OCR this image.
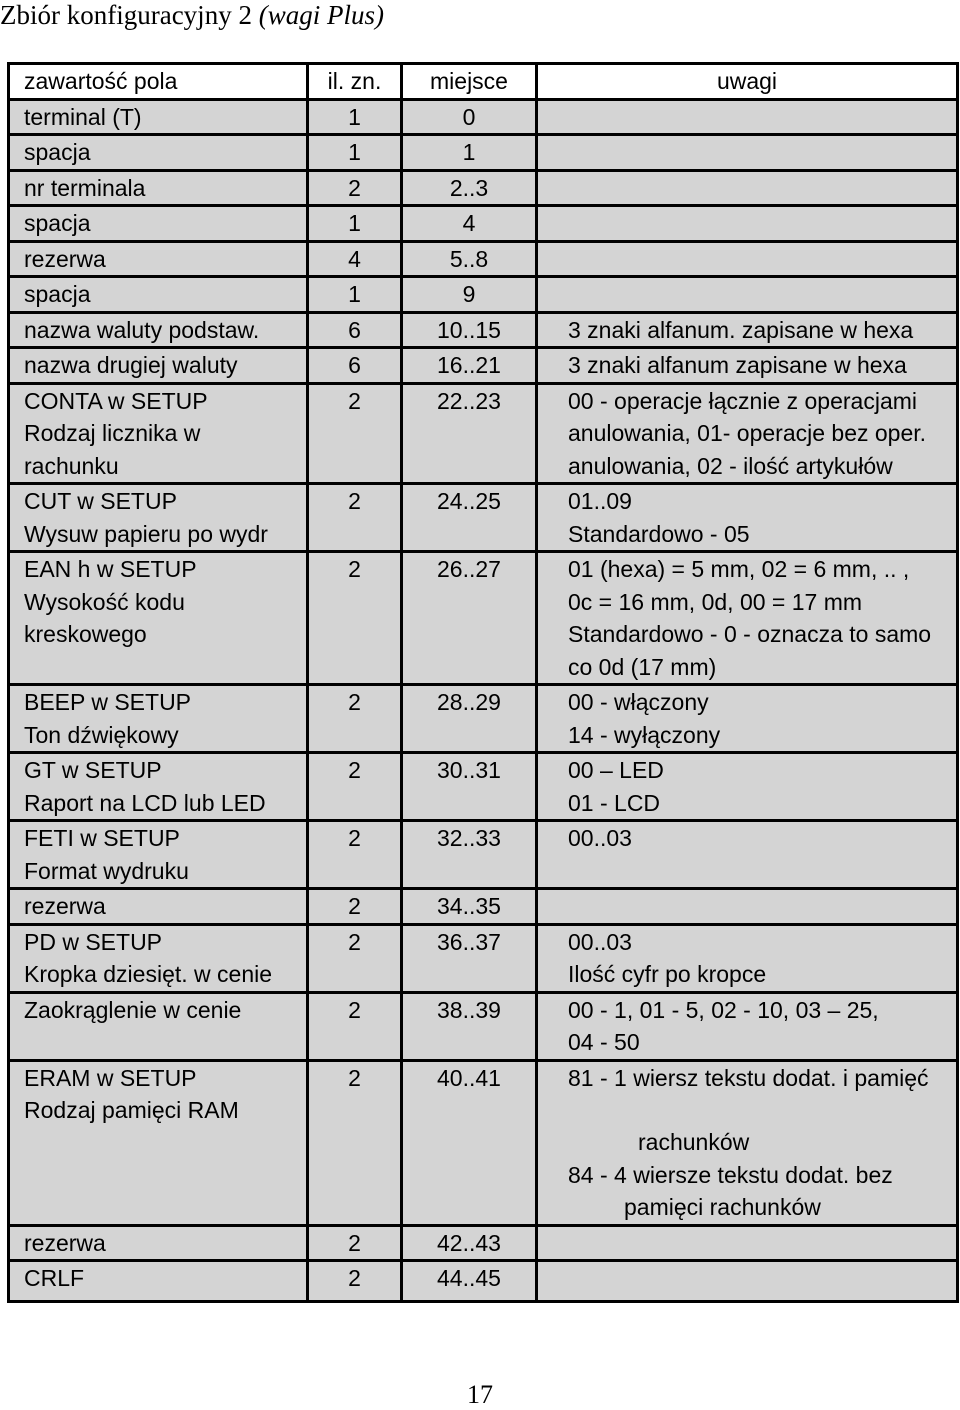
Zbiór konfiguracyjny 2 (wagi Plus)
zawartość pola	il. zn.	miejsce	uwagi
terminal (T)	1	0	
spacja	1	1	
nr terminala	2	2..3	
spacja	1	4	
rezerwa	4	5..8	
spacja	1	9	
nazwa waluty podstaw.	6	10..15	3 znaki alfanum. zapisane w hexa
nazwa drugiej waluty	6	16..21	3 znaki alfanum zapisane w hexa

CONTA w SETUP
Rodzaj licznika w
rachunku	2	22..23	00 - operacje łącznie z operacjami
anulowania, 01- operacje bez oper.
anulowania, 02 - ilość artykułów

CUT w SETUP
Wysuw papieru po wydr	2	24..25	01..09
Standardowo - 05

EAN h w SETUP
Wysokość kodu
kreskowego	2	26..27	01 (hexa) = 5 mm, 02 = 6 mm, .. ,
0c = 16 mm, 0d, 00 = 17 mm
Standardowo - 0 - oznacza to samo
co 0d (17 mm)

BEEP w SETUP
Ton dźwiękowy	2	28..29	00 - włączony
14 - wyłączony

GT w SETUP
Raport na LCD lub LED	2	30..31	00 – LED
01 - LCD

FETI w SETUP
Format wydruku	2	32..33	00..03

rezerwa	2	34..35	

PD w SETUP
Kropka dziesięt. w cenie	2	36..37	00..03
Ilość cyfr po kropce

Zaokrąglenie w cenie	2	38..39	00 - 1, 01 - 5, 02 - 10, 03 – 25,
04 - 50

ERAM w SETUP
Rodzaj pamięci RAM	2	40..41	81 - 1 wiersz tekstu dodat. i pamięć
rachunków
84 - 4 wiersze tekstu dodat. bez
pamięci rachunków

rezerwa	2	42..43	
CRLF	2	44..45	
17
